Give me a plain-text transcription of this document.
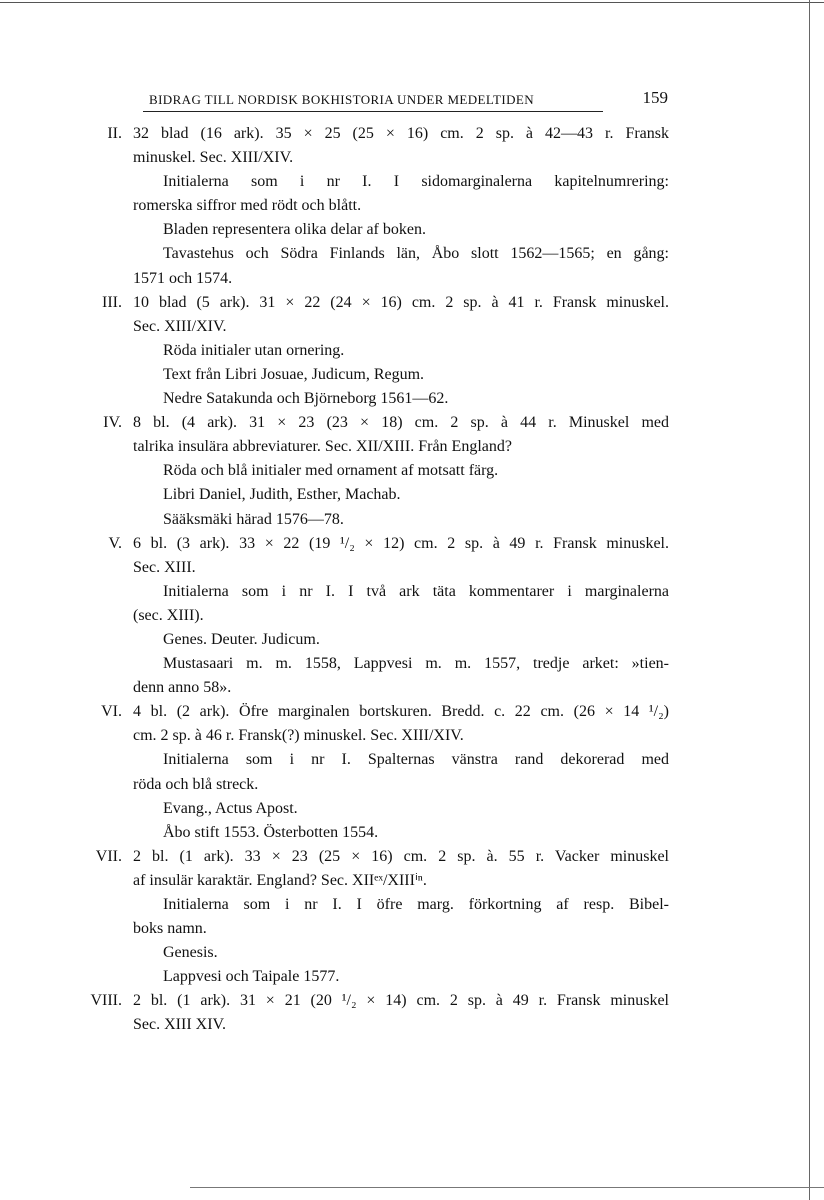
BIDRAG TILL NORDISK BOKHISTORIA UNDER MEDELTIDEN	159
II. 32 blad (16 ark). 35 × 25 (25 × 16) cm. 2 sp. à 42—43 r. Fransk
minuskel. Sec. XIII/XIV.
Initialerna som i nr I. I sidomarginalerna kapitelnumrering:
romerska siffror med rödt och blått.
Bladen representera olika delar af boken.
Tavastehus och Södra Finlands län, Åbo slott 1562—1565; en gång:
1571 och 1574.
III. 10 blad (5 ark). 31 × 22 (24 × 16) cm. 2 sp. à 41 r. Fransk minuskel.
Sec. XIII/XIV.
Röda initialer utan ornering.
Text från Libri Josuae, Judicum, Regum.
Nedre Satakunda och Björneborg 1561—62.
IV. 8 bl. (4 ark). 31 × 23 (23 × 18) cm. 2 sp. à 44 r. Minuskel med
talrika insulära abbreviaturer. Sec. XII/XIII. Från England?
Röda och blå initialer med ornament af motsatt färg.
Libri Daniel, Judith, Esther, Machab.
Sääksmäki härad 1576—78.
V. 6 bl. (3 ark). 33 × 22 (19 ¹/₂ × 12) cm. 2 sp. à 49 r. Fransk minuskel.
Sec. XIII.
Initialerna som i nr I. I två ark täta kommentarer i marginalerna
(sec. XIII).
Genes. Deuter. Judicum.
Mustasaari m. m. 1558, Lappvesi m. m. 1557, tredje arket: »tien-
denn anno 58».
VI. 4 bl. (2 ark). Öfre marginalen bortskuren. Bredd. c. 22 cm. (26 × 14 ¹/₂)
cm. 2 sp. à 46 r. Fransk(?) minuskel. Sec. XIII/XIV.
Initialerna som i nr I. Spalternas vänstra rand dekorerad med
röda och blå streck.
Evang., Actus Apost.
Åbo stift 1553. Österbotten 1554.
VII. 2 bl. (1 ark). 33 × 23 (25 × 16) cm. 2 sp. à. 55 r. Vacker minuskel
af insulär karaktär. England? Sec. XIIᵉˣ/XIIIⁱⁿ.
Initialerna som i nr I. I öfre marg. förkortning af resp. Bibel-
boks namn.
Genesis.
Lappvesi och Taipale 1577.
VIII. 2 bl. (1 ark). 31 × 21 (20 ¹/₂ × 14) cm. 2 sp. à 49 r. Fransk minuskel
Sec. XIII XIV.
